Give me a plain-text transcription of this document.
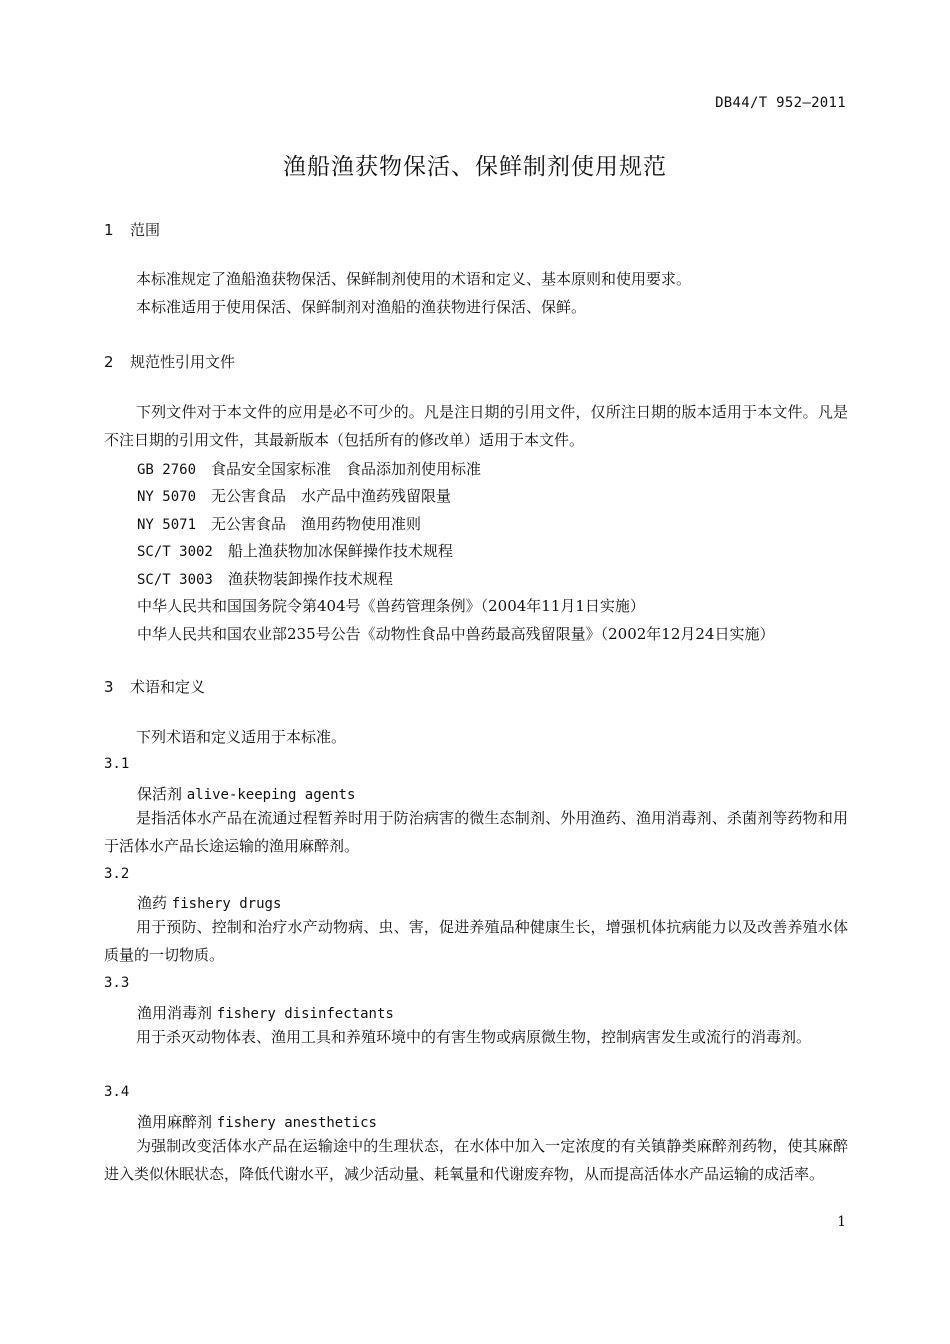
DB44/T 952—2011
渔船渔获物保活、保鲜制剂使用规范
1 范围

本标准规定了渔船渔获物保活、保鲜制剂使用的术语和定义、基本原则和使用要求。

本标准适用于使用保活、保鲜制剂对渔船的渔获物进行保活、保鲜。

2 规范性引用文件

下列文件对于本文件的应用是必不可少的。凡是注日期的引用文件，仅所注日期的版本适用于本文件。凡是不注日期的引用文件，其最新版本（包括所有的修改单）适用于本文件。

GB 2760　 食品安全国家标准　食品添加剂使用标准
NY 5070　 无公害食品　水产品中渔药残留限量
NY 5071　 无公害食品　渔用药物使用准则
SC/T 3002　 船上渔获物加冰保鲜操作技术规程
SC/T 3003　 渔获物装卸操作技术规程
中华人民共和国国务院令第404号《兽药管理条例》（2004年11月1日实施）
中华人民共和国农业部235号公告《动物性食品中兽药最高残留限量》（2002年12月24日实施）
3 术语和定义

下列术语和定义适用于本标准。

3.1
保活剂 alive-keeping agents

是指活体水产品在流通过程暂养时用于防治病害的微生态制剂、外用渔药、渔用消毒剂、杀菌剂等药物和用于活体水产品长途运输的渔用麻醉剂。

3.2
渔药 fishery drugs

用于预防、控制和治疗水产动物病、虫、害，促进养殖品种健康生长，增强机体抗病能力以及改善养殖水体质量的一切物质。

3.3
渔用消毒剂 fishery disinfectants

用于杀灭动物体表、渔用工具和养殖环境中的有害生物或病原微生物，控制病害发生或流行的消毒剂。

3.4
渔用麻醉剂 fishery anesthetics

为强制改变活体水产品在运输途中的生理状态，在水体中加入一定浓度的有关镇静类麻醉剂药物，使其麻醉进入类似休眠状态，降低代谢水平，减少活动量、耗氧量和代谢废弃物，从而提高活体水产品运输的成活率。

1
